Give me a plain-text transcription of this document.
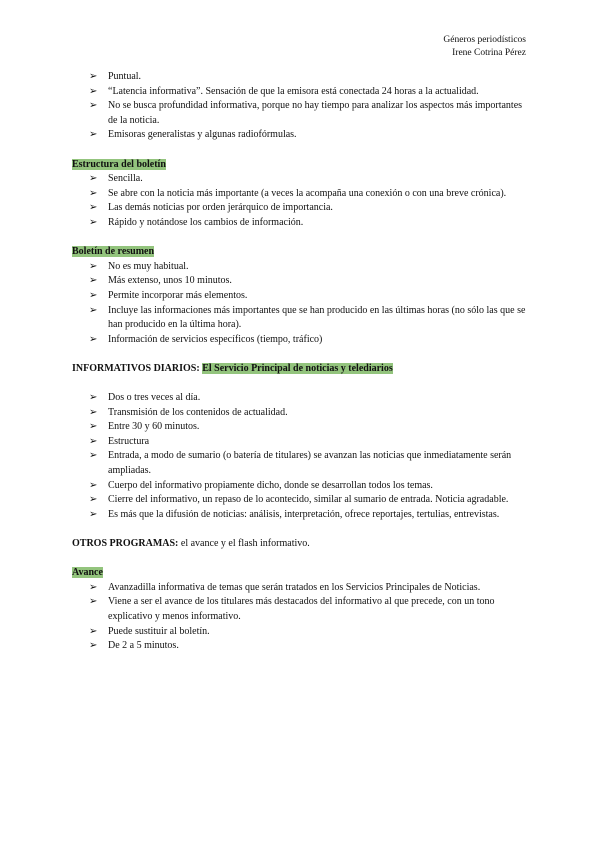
Géneros periodísticos
Irene Cotrina Pérez
➢ Puntual.
➢ “Latencia informativa”. Sensación de que la emisora está conectada 24 horas a la actualidad.
➢ No se busca profundidad informativa, porque no hay tiempo para analizar los aspectos más importantes de la noticia.
➢ Emisoras generalistas y algunas radiofórmulas.
Estructura del boletín
➢ Sencilla.
➢ Se abre con la noticia más importante (a veces la acompaña una conexión o con una breve crónica).
➢ Las demás noticias por orden jerárquico de importancia.
➢ Rápido y notándose los cambios de información.
Boletín de resumen
➢ No es muy habitual.
➢ Más extenso, unos 10 minutos.
➢ Permite incorporar más elementos.
➢ Incluye las informaciones más importantes que se han producido en las últimas horas (no sólo las que se han producido en la última hora).
➢ Información de servicios específicos (tiempo, tráfico)
INFORMATIVOS DIARIOS: El Servicio Principal de noticias y telediarios
➢ Dos o tres veces al día.
➢ Transmisión de los contenidos de actualidad.
➢ Entre 30 y 60 minutos.
➢ Estructura
➢ Entrada, a modo de sumario (o batería de titulares) se avanzan las noticias que inmediatamente serán ampliadas.
➢ Cuerpo del informativo propiamente dicho, donde se desarrollan todos los temas.
➢ Cierre del informativo, un repaso de lo acontecido, similar al sumario de entrada. Noticia agradable.
➢ Es más que la difusión de noticias: análisis, interpretación, ofrece reportajes, tertulias, entrevistas.
OTROS PROGRAMAS: el avance y el flash informativo.
Avance
➢ Avanzadilla informativa de temas que serán tratados en los Servicios Principales de Noticias.
➢ Viene a ser el avance de los titulares más destacados del informativo al que precede, con un tono explicativo y menos informativo.
➢ Puede sustituir al boletín.
➢ De 2 a 5 minutos.
